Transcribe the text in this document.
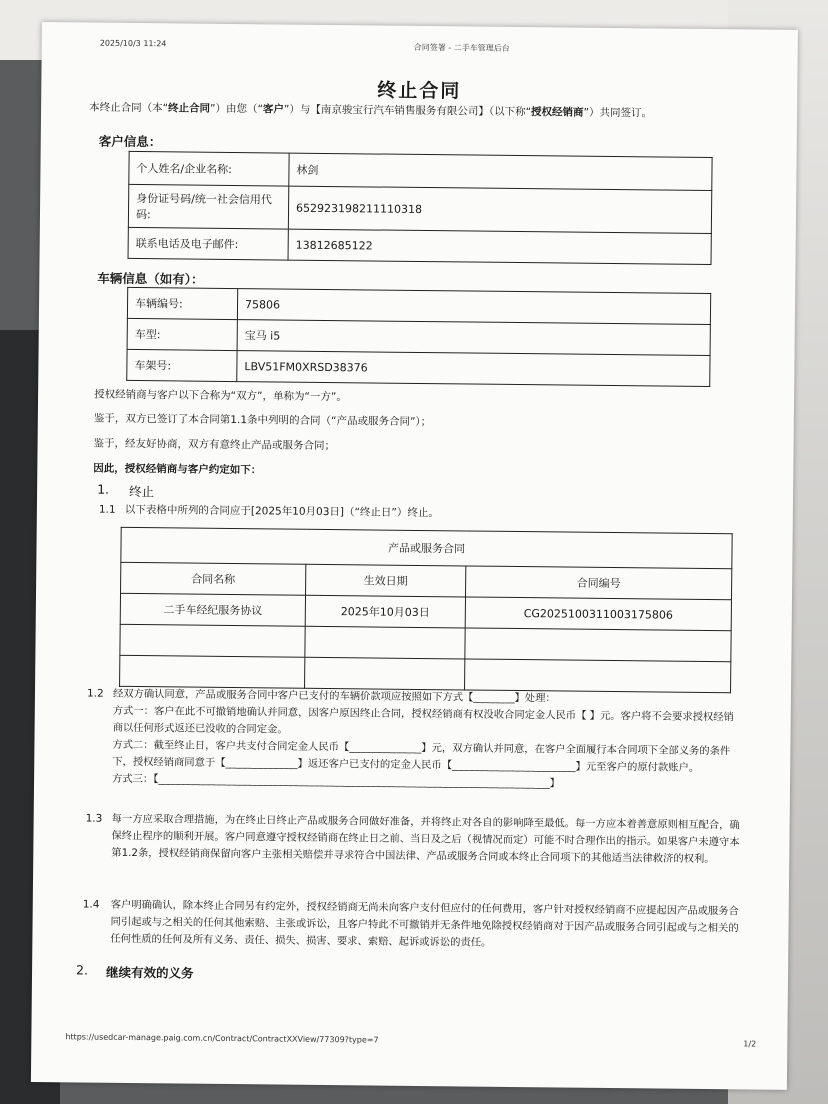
2025/10/3 11:24	合同签署 - 二手车管理后台
终止合同
本终止合同（本“终止合同”）由您（“客户”）与【南京骏宝行汽车销售服务有限公司】（以下称“授权经销商”）共同签订。
客户信息：
个人姓名/企业名称:	林剑
身份证号码/统一社会信用代码:	652923198211110318
联系电话及电子邮件:	13812685122
车辆信息（如有）：
车辆编号:	75806
车型:	宝马 i5
车架号:	LBV51FM0XRSD38376
授权经销商与客户以下合称为“双方”，单称为“一方”。
鉴于，双方已签订了本合同第1.1条中列明的合同（“产品或服务合同”）；
鉴于，经友好协商，双方有意终止产品或服务合同；
因此，授权经销商与客户约定如下：
1. 终止
1.1 以下表格中所列的合同应于[2025年10月03日]（“终止日”）终止。
产品或服务合同		
合同名称	生效日期	合同编号
二手车经纪服务协议	2025年10月03日	CG2025100311003175806

1.2 经双方确认同意，产品或服务合同中客户已支付的车辆价款项应按照如下方式【________】处理：
方式一：客户在此不可撤销地确认并同意，因客户原因终止合同，授权经销商有权没收合同定金人民币【 】元。客户将不会要求授权经销商以任何形式返还已没收的合同定金。
方式二：截至终止日，客户共支付合同定金人民币【______________】元，双方确认并同意，在客户全面履行本合同项下全部义务的条件下，授权经销商同意于【______________】返还客户已支付的定金人民币【________________________】元至客户的原付款账户。
方式三：【____________________________________________________________________________】
1.3 每一方应采取合理措施，为在终止日终止产品或服务合同做好准备，并将终止对各自的影响降至最低。每一方应本着善意原则相互配合，确保终止程序的顺利开展。客户同意遵守授权经销商在终止日之前、当日及之后（视情况而定）可能不时合理作出的指示。如果客户未遵守本第1.2条，授权经销商保留向客户主张相关赔偿并寻求符合中国法律、产品或服务合同或本终止合同项下的其他适当法律救济的权利。
1.4 客户明确确认，除本终止合同另有约定外，授权经销商无尚未向客户支付但应付的任何费用，客户针对授权经销商不应提起因产品或服务合同引起或与之相关的任何其他索赔、主张或诉讼，且客户特此不可撤销并无条件地免除授权经销商对于因产品或服务合同引起或与之相关的任何性质的任何及所有义务、责任、损失、损害、要求、索赔、起诉或诉讼的责任。
2. 继续有效的义务
https://usedcar-manage.paig.com.cn/Contract/ContractXXView/77309?type=7	1/2
